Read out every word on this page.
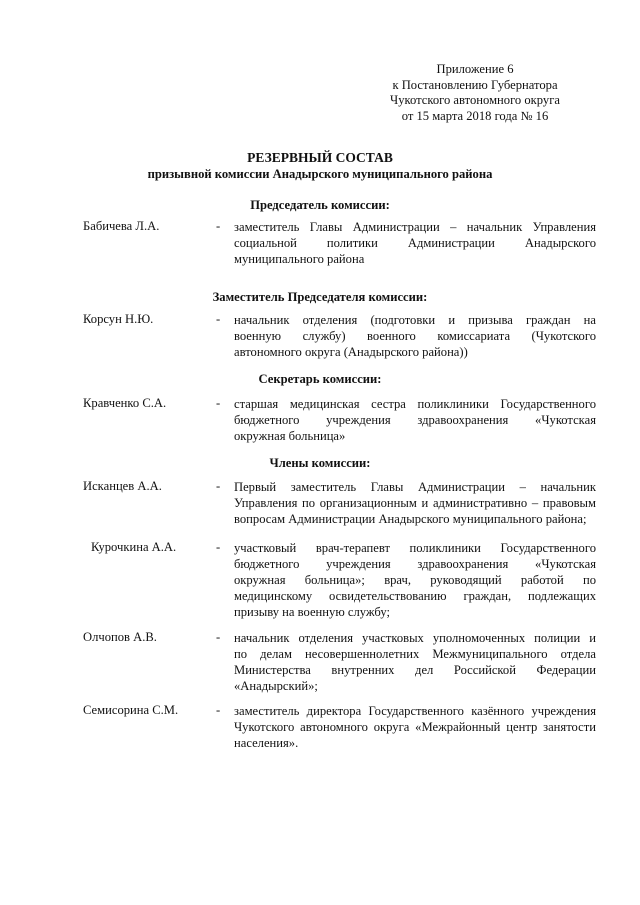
Приложение 6
к Постановлению Губернатора
Чукотского автономного округа
от 15 марта 2018 года № 16
РЕЗЕРВНЫЙ СОСТАВ
призывной комиссии Анадырского муниципального района
Председатель комиссии:
Бабичева Л.А.	- заместитель Главы Администрации – начальник Управления
социальной политики Администрации Анадырского
муниципального района
Заместитель Председателя комиссии:
Корсун Н.Ю.	- начальник отделения (подготовки и призыва граждан на
военную службу) военного комиссариата (Чукотского
автономного округа (Анадырского района))
Секретарь комиссии:
Кравченко С.А.	- старшая медицинская сестра поликлиники Государственного
бюджетного учреждения здравоохранения «Чукотская
окружная больница»
Члены комиссии:
Исканцев А.А.	- Первый заместитель Главы Администрации – начальник
Управления по организационным и административно – правовым
вопросам Администрации Анадырского муниципального района;
Курочкина А.А.	- участковый врач-терапевт поликлиники Государственного
бюджетного учреждения здравоохранения «Чукотская
окружная больница»; врач, руководящий работой по
медицинскому освидетельствованию граждан, подлежащих
призыву на военную службу;
Олчопов А.В.	- начальник отделения участковых уполномоченных полиции и
по делам несовершеннолетних Межмуниципального отдела
Министерства внутренних дел Российской Федерации
«Анадырский»;
Семисорина С.М.	- заместитель директора Государственного казённого учреждения
Чукотского автономного округа «Межрайонный центр занятости
населения».
